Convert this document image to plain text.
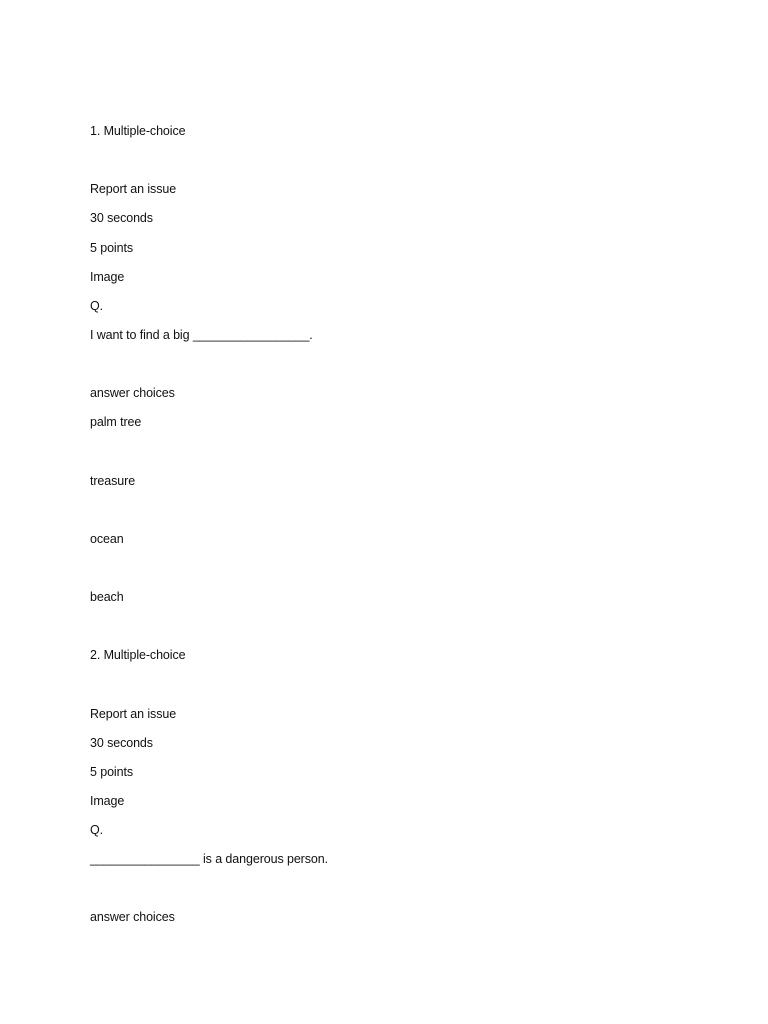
1. Multiple-choice
Report an issue
30 seconds
5 points
Image
Q.
I want to find a big _________________.
answer choices
palm tree
treasure
ocean
beach
2. Multiple-choice
Report an issue
30 seconds
5 points
Image
Q.
________________ is a dangerous person.
answer choices
